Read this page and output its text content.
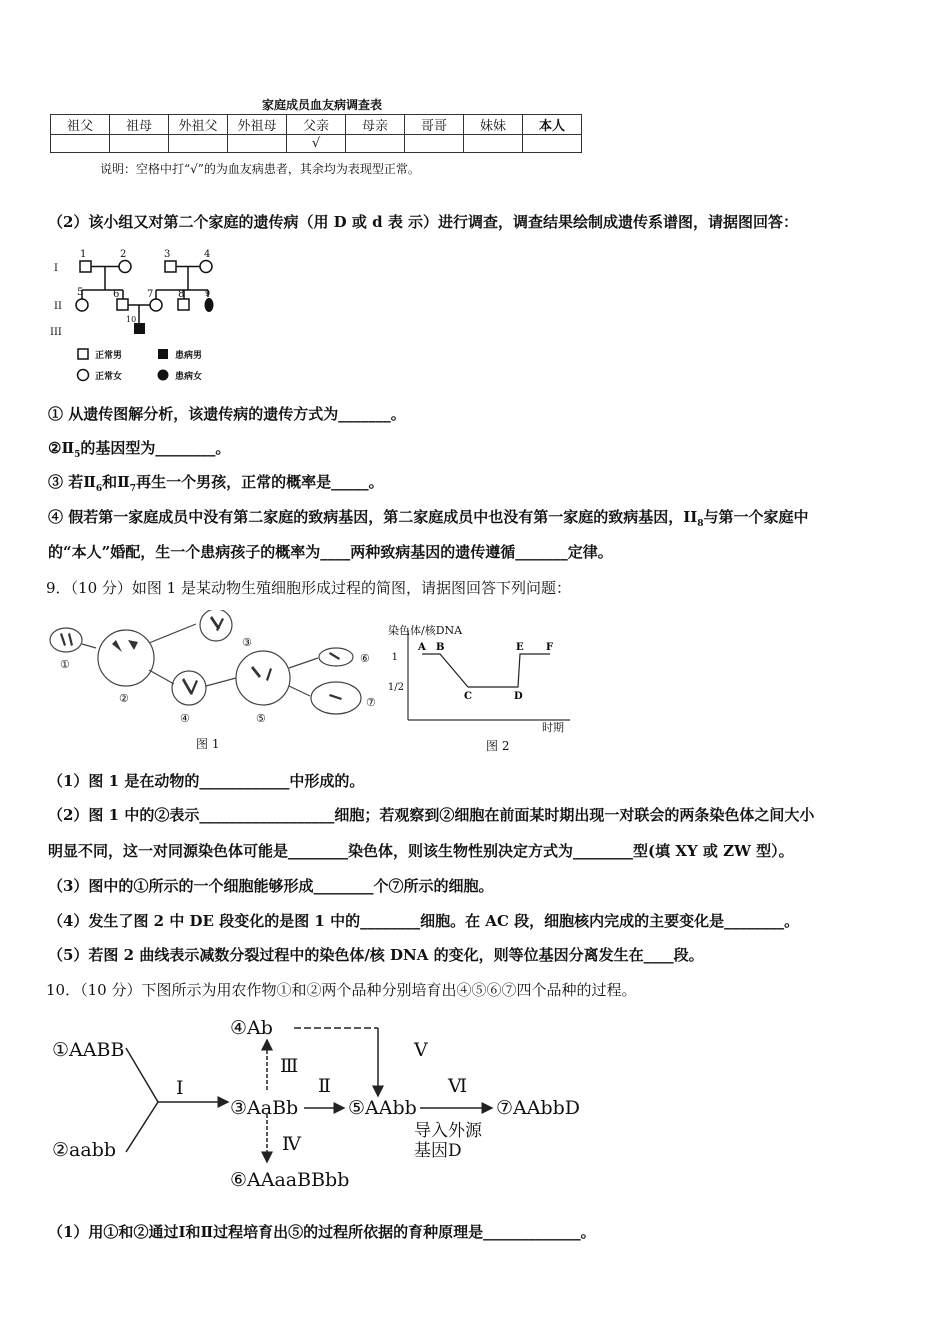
家庭成员血友病调查表
祖父	祖母	外祖父	外祖母	父亲	母亲	哥哥	妹妹	本人
				√				
说明：空格中打“√”的为血友病患者，其余均为表现型正常。
（2）该小组又对第二个家庭的遗传病（用 D 或 d 表 示）进行调查，调查结果绘制成遗传系谱图，请据图回答：
I
II
III
1	2	3	4
5	6	7 8	9
10
正常男	患病男
正常女	患病女
① 从遗传图解分析，该遗传病的遗传方式为_______。
$②Ⅱ_5$的基因型为________。
③ 若$Ⅱ_6$和$Ⅱ_7$再生一个男孩，正常的概率是_____。
④ 假若第一家庭成员中没有第二家庭的致病基因，第二家庭成员中也没有第一家庭的致病基因，$II_8$与第一个家庭中
的“本人”婚配，生一个患病孩子的概率为____两种致病基因的遗传遵循_______定律。
9．（10 分）如图 1 是某动物生殖细胞形成过程的简图，请据图回答下列问题：
①
②
③
④	⑤
⑥
⑦
图 1
染色体/核DNA
时期
1
1/2
A B
C	D
E F
图 2
（1）图 1 是在动物的____________中形成的。
（2）图 1 中的②表示__________________细胞；若观察到②细胞在前面某时期出现一对联会的两条染色体之间大小
明显不同，这一对同源染色体可能是________染色体，则该生物性别决定方式为________型(填 XY 或 ZW 型）。
（3）图中的①所示的一个细胞能够形成________个⑦所示的细胞。
（4）发生了图 2 中 DE 段变化的是图 1 中的________细胞。在 AC 段，细胞核内完成的主要变化是________。
（5）若图 2 曲线表示减数分裂过程中的染色体/核 DNA 的变化，则等位基因分离发生在____段。
10．（10 分）下图所示为用农作物①和②两个品种分别培育出④⑤⑥⑦四个品种的过程。
①AABB
②aabb
③AaBb
④Ab
⑤AAbb
⑥AAaaBBbb
⑦AAbbD
Ⅰ	Ⅱ
Ⅲ
Ⅳ
Ⅴ
Ⅵ
导入外源
基因D
（1）用①和②通过Ⅰ和Ⅱ过程培育出⑤的过程所依据的育种原理是_____________。
